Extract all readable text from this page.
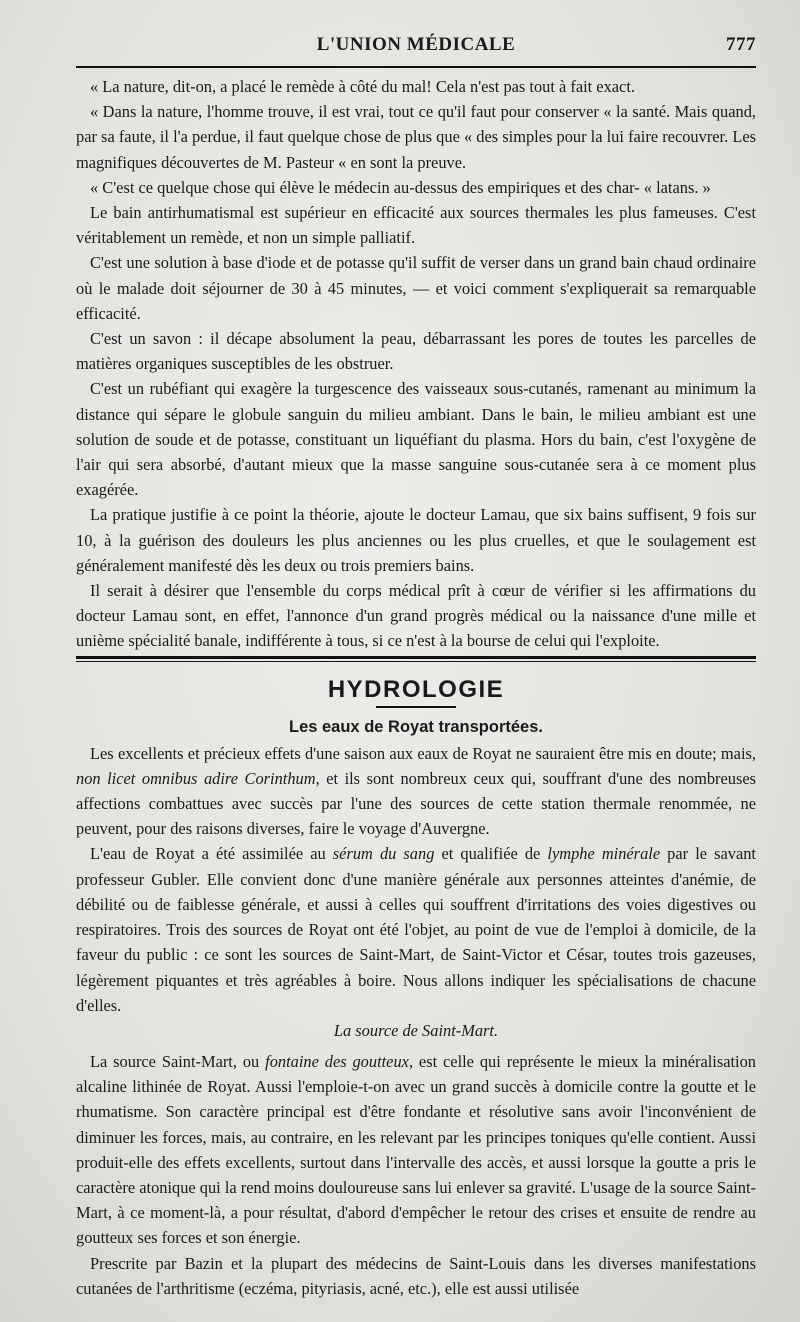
L'UNION MÉDICALE	777

« La nature, dit-on, a placé le remède à côté du mal! Cela n'est pas tout à fait exact.

« Dans la nature, l'homme trouve, il est vrai, tout ce qu'il faut pour conserver « la santé. Mais quand, par sa faute, il l'a perdue, il faut quelque chose de plus que « des simples pour la lui faire recouvrer. Les magnifiques découvertes de M. Pasteur « en sont la preuve.

« C'est ce quelque chose qui élève le médecin au-dessus des empiriques et des char- « latans. »

Le bain antirhumatismal est supérieur en efficacité aux sources thermales les plus fameuses. C'est véritablement un remède, et non un simple palliatif.

C'est une solution à base d'iode et de potasse qu'il suffit de verser dans un grand bain chaud ordinaire où le malade doit séjourner de 30 à 45 minutes, — et voici comment s'expliquerait sa remarquable efficacité.

C'est un savon : il décape absolument la peau, débarrassant les pores de toutes les parcelles de matières organiques susceptibles de les obstruer.

C'est un rubéfiant qui exagère la turgescence des vaisseaux sous-cutanés, ramenant au minimum la distance qui sépare le globule sanguin du milieu ambiant. Dans le bain, le milieu ambiant est une solution de soude et de potasse, constituant un liquéfiant du plasma. Hors du bain, c'est l'oxygène de l'air qui sera absorbé, d'autant mieux que la masse sanguine sous-cutanée sera à ce moment plus exagérée.

La pratique justifie à ce point la théorie, ajoute le docteur Lamau, que six bains suffisent, 9 fois sur 10, à la guérison des douleurs les plus anciennes ou les plus cruelles, et que le soulagement est généralement manifesté dès les deux ou trois premiers bains.

Il serait à désirer que l'ensemble du corps médical prît à cœur de vérifier si les affirmations du docteur Lamau sont, en effet, l'annonce d'un grand progrès médical ou la naissance d'une mille et unième spécialité banale, indifférente à tous, si ce n'est à la bourse de celui qui l'exploite.

HYDROLOGIE
Les eaux de Royat transportées.

Les excellents et précieux effets d'une saison aux eaux de Royat ne sauraient être mis en doute; mais, non licet omnibus adire Corinthum, et ils sont nombreux ceux qui, souffrant d'une des nombreuses affections combattues avec succès par l'une des sources de cette station thermale renommée, ne peuvent, pour des raisons diverses, faire le voyage d'Auvergne.

L'eau de Royat a été assimilée au sérum du sang et qualifiée de lymphe minérale par le savant professeur Gubler. Elle convient donc d'une manière générale aux personnes atteintes d'anémie, de débilité ou de faiblesse générale, et aussi à celles qui souffrent d'irritations des voies digestives ou respiratoires. Trois des sources de Royat ont été l'objet, au point de vue de l'emploi à domicile, de la faveur du public : ce sont les sources de Saint-Mart, de Saint-Victor et César, toutes trois gazeuses, légèrement piquantes et très agréables à boire. Nous allons indiquer les spécialisations de chacune d'elles.

La source de Saint-Mart.

La source Saint-Mart, ou fontaine des goutteux, est celle qui représente le mieux la minéralisation alcaline lithinée de Royat. Aussi l'emploie-t-on avec un grand succès à domicile contre la goutte et le rhumatisme. Son caractère principal est d'être fondante et résolutive sans avoir l'inconvénient de diminuer les forces, mais, au contraire, en les relevant par les principes toniques qu'elle contient. Aussi produit-elle des effets excellents, surtout dans l'intervalle des accès, et aussi lorsque la goutte a pris le caractère atonique qui la rend moins douloureuse sans lui enlever sa gravité. L'usage de la source Saint-Mart, à ce moment-là, a pour résultat, d'abord d'empêcher le retour des crises et ensuite de rendre au goutteux ses forces et son énergie.

Prescrite par Bazin et la plupart des médecins de Saint-Louis dans les diverses manifestations cutanées de l'arthritisme (eczéma, pityriasis, acné, etc.), elle est aussi utilisée
